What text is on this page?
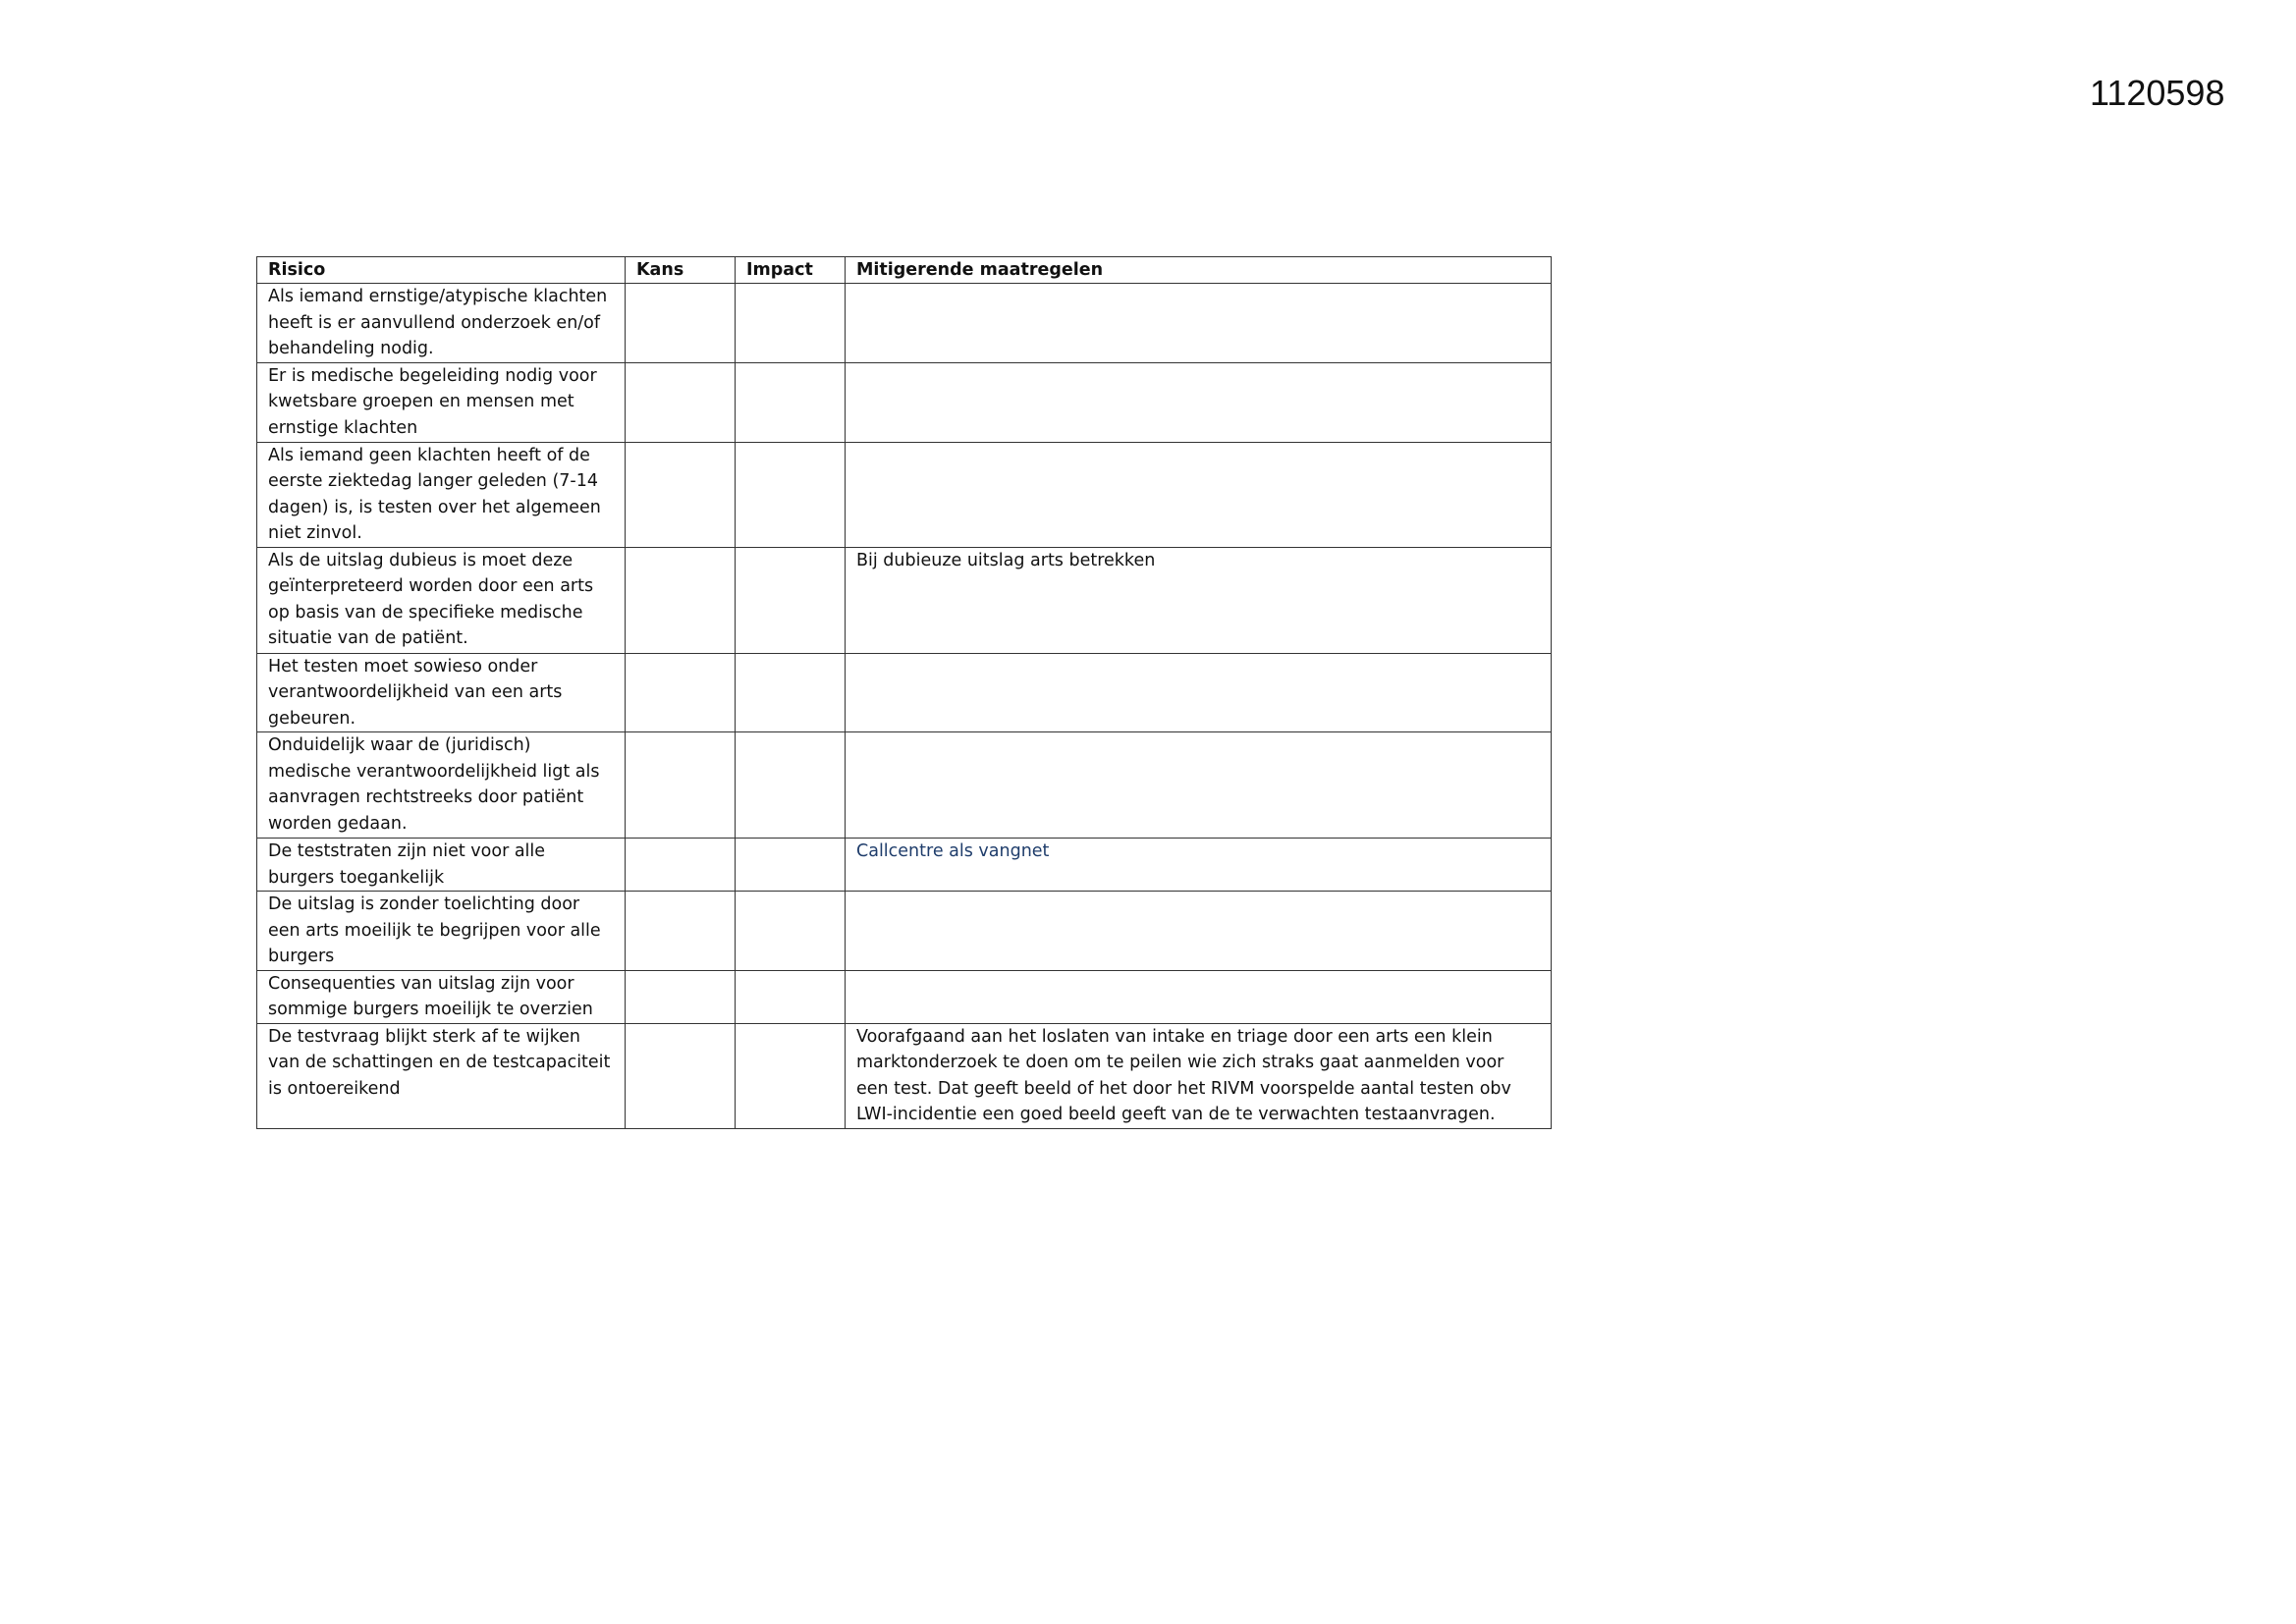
1120598
Risico	Kans	Impact	Mitigerende maatregelen
Als iemand ernstige/atypische klachten heeft is er aanvullend onderzoek en/of behandeling nodig.			
Er is medische begeleiding nodig voor kwetsbare groepen en mensen met ernstige klachten			
Als iemand geen klachten heeft of de eerste ziektedag langer geleden (7-14 dagen) is, is testen over het algemeen niet zinvol.			
Als de uitslag dubieus is moet deze geïnterpreteerd worden door een arts op basis van de specifieke medische situatie van de patiënt.			Bij dubieuze uitslag arts betrekken
Het testen moet sowieso onder verantwoordelijkheid van een arts gebeuren.			
Onduidelijk waar de (juridisch) medische verantwoordelijkheid ligt als aanvragen rechtstreeks door patiënt worden gedaan.			
De teststraten zijn niet voor alle burgers toegankelijk			Callcentre als vangnet
De uitslag is zonder toelichting door een arts moeilijk te begrijpen voor alle burgers			
Consequenties van uitslag zijn voor sommige burgers moeilijk te overzien			
De testvraag blijkt sterk af te wijken van de schattingen en de testcapaciteit is ontoereikend			Voorafgaand aan het loslaten van intake en triage door een arts een klein marktonderzoek te doen om te peilen wie zich straks gaat aanmelden voor een test. Dat geeft beeld of het door het RIVM voorspelde aantal testen obv LWI-incidentie een goed beeld geeft van de te verwachten testaanvragen.
